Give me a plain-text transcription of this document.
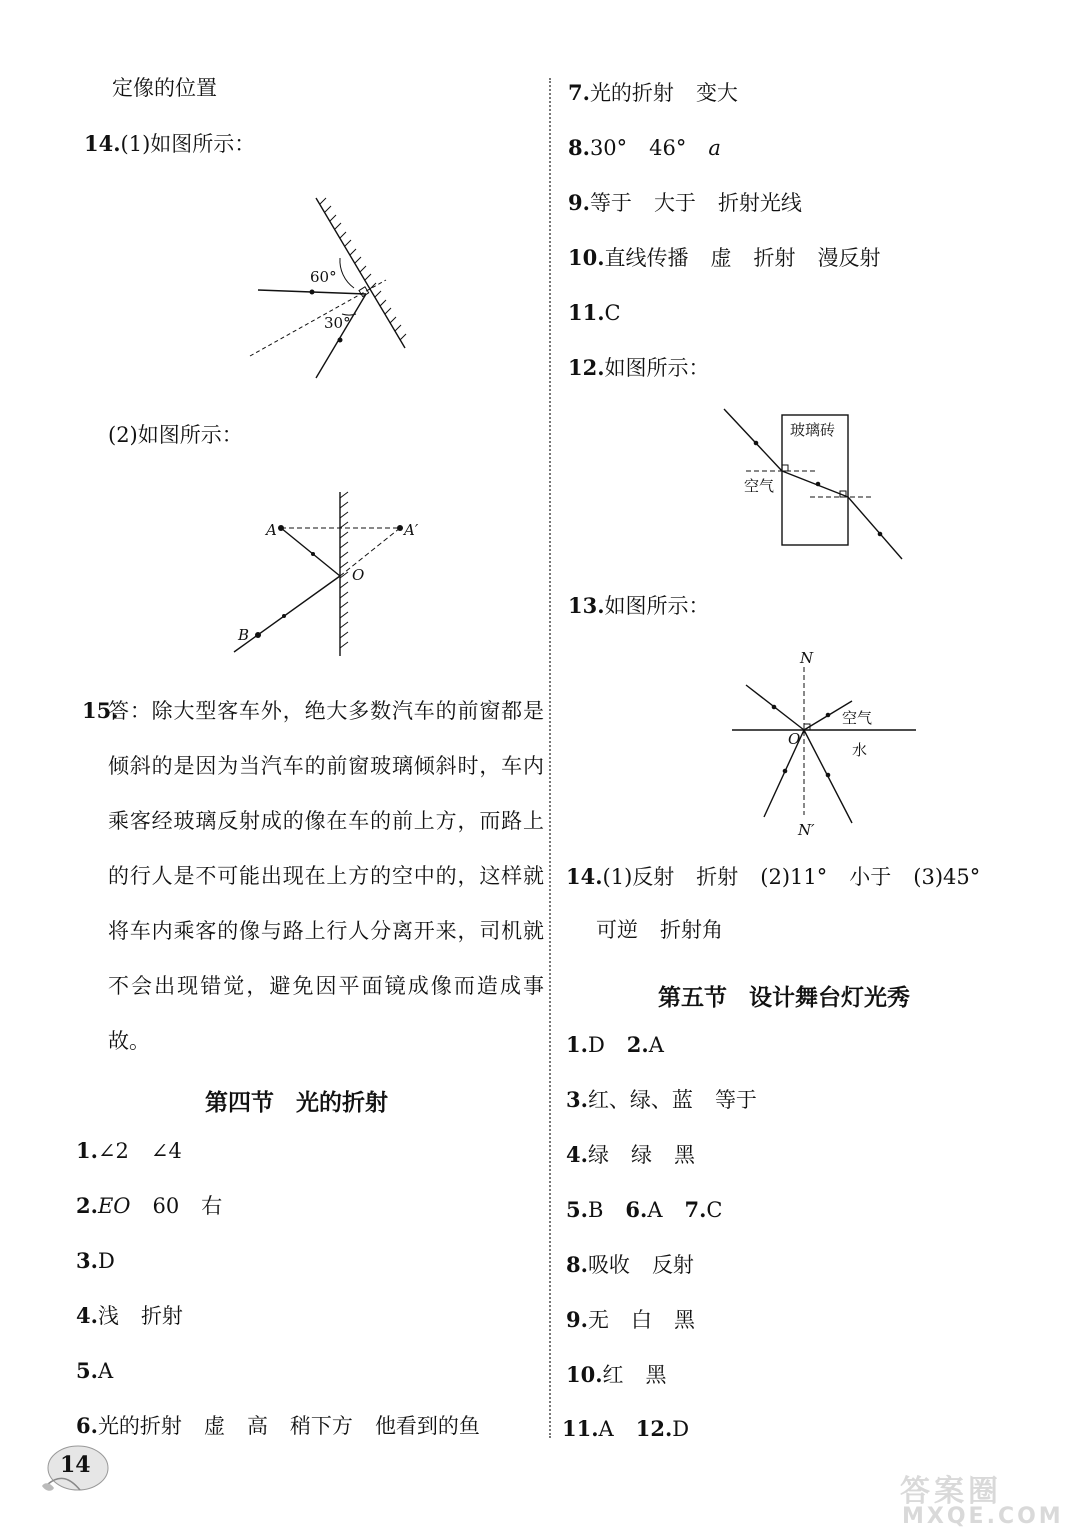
定像的位置
14.(1)如图所示：
60°
30°
(2)如图所示：
A	A′
O
B
15.
答：除大型客车外，绝大多数汽车的前窗都是倾斜的是因为当汽车的前窗玻璃倾斜时，车内乘客经玻璃反射成的像在车的前上方，而路上的行人是不可能出现在上方的空中的，这样就将车内乘客的像与路上行人分离开来，司机就不会出现错觉，避免因平面镜成像而造成事故。
第四节 光的折射
1.∠2 ∠4
2.EO 60 右
3.D
4.浅 折射
5.A
6.光的折射 虚 高 稍下方 他看到的鱼
7.光的折射 变大
8.30° 46° a
9.等于 大于 折射光线
10.直线传播 虚 折射 漫反射
11.C
12.如图所示：
玻璃砖
空气
13.如图所示：
N
N′
O
空气
水
14.(1)反射 折射 (2)11° 小于 (3)45°
可逆 折射角
第五节 设计舞台灯光秀
1.D 2.A
3.红、绿、蓝 等于
4.绿 绿 黑
5.B 6.A 7.C
8.吸收 反射
9.无 白 黑
10.红 黑
11.A 12.D
14
答案圈
MXQE.COM
